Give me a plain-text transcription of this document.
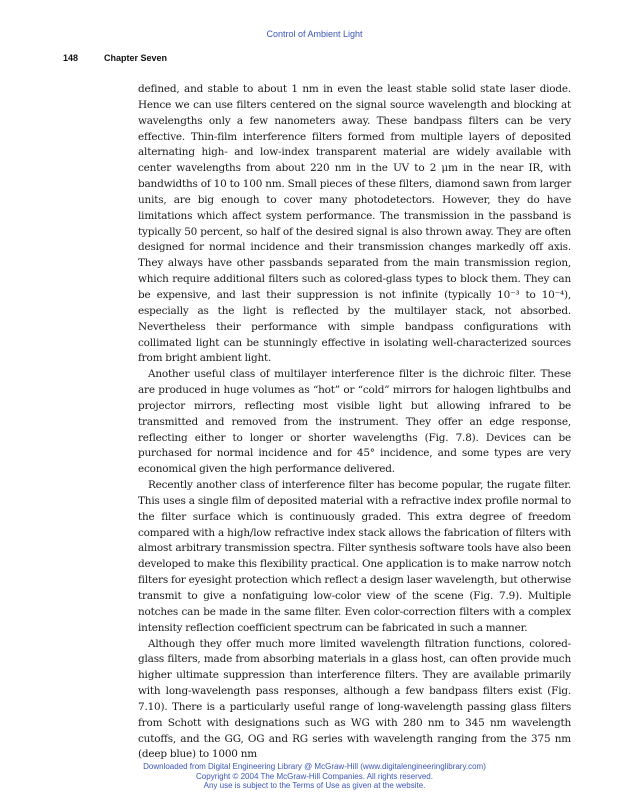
Control of Ambient Light
148	Chapter Seven

defined, and stable to about 1 nm in even the least stable solid state laser diode. Hence we can use filters centered on the signal source wavelength and blocking at wavelengths only a few nanometers away. These bandpass filters can be very effective. Thin-film interference filters formed from multiple layers of deposited alternating high- and low-index transparent material are widely available with center wavelengths from about 220 nm in the UV to 2 μm in the near IR, with bandwidths of 10 to 100 nm. Small pieces of these filters, diamond sawn from larger units, are big enough to cover many photodetectors. However, they do have limitations which affect system performance. The transmission in the passband is typically 50 percent, so half of the desired signal is also thrown away. They are often designed for normal incidence and their transmission changes markedly off axis. They always have other passbands separated from the main transmission region, which require additional filters such as colored-glass types to block them. They can be expensive, and last their suppression is not infinite (typically 10⁻³ to 10⁻⁴), especially as the light is reflected by the multilayer stack, not absorbed. Nevertheless their performance with simple bandpass configurations with collimated light can be stunningly effective in isolating well-characterized sources from bright ambient light.

Another useful class of multilayer interference filter is the dichroic filter. These are produced in huge volumes as “hot” or “cold” mirrors for halogen lightbulbs and projector mirrors, reflecting most visible light but allowing infrared to be transmitted and removed from the instrument. They offer an edge response, reflecting either to longer or shorter wavelengths (Fig. 7.8). Devices can be purchased for normal incidence and for 45° incidence, and some types are very economical given the high performance delivered.

Recently another class of interference filter has become popular, the rugate filter. This uses a single film of deposited material with a refractive index profile normal to the filter surface which is continuously graded. This extra degree of freedom compared with a high/low refractive index stack allows the fabrication of filters with almost arbitrary transmission spectra. Filter synthesis software tools have also been developed to make this flexibility practical. One application is to make narrow notch filters for eyesight protection which reflect a design laser wavelength, but otherwise transmit to give a nonfatiguing low-color view of the scene (Fig. 7.9). Multiple notches can be made in the same filter. Even color-correction filters with a complex intensity reflection coefficient spectrum can be fabricated in such a manner.

Although they offer much more limited wavelength filtration functions, colored-glass filters, made from absorbing materials in a glass host, can often provide much higher ultimate suppression than interference filters. They are available primarily with long-wavelength pass responses, although a few bandpass filters exist (Fig. 7.10). There is a particularly useful range of long-wavelength passing glass filters from Schott with designations such as WG with 280 nm to 345 nm wavelength cutoffs, and the GG, OG and RG series with wavelength ranging from the 375 nm (deep blue) to 1000 nm

Downloaded from Digital Engineering Library @ McGraw-Hill (www.digitalengineeringlibrary.com)
Copyright © 2004 The McGraw-Hill Companies. All rights reserved.
Any use is subject to the Terms of Use as given at the website.
